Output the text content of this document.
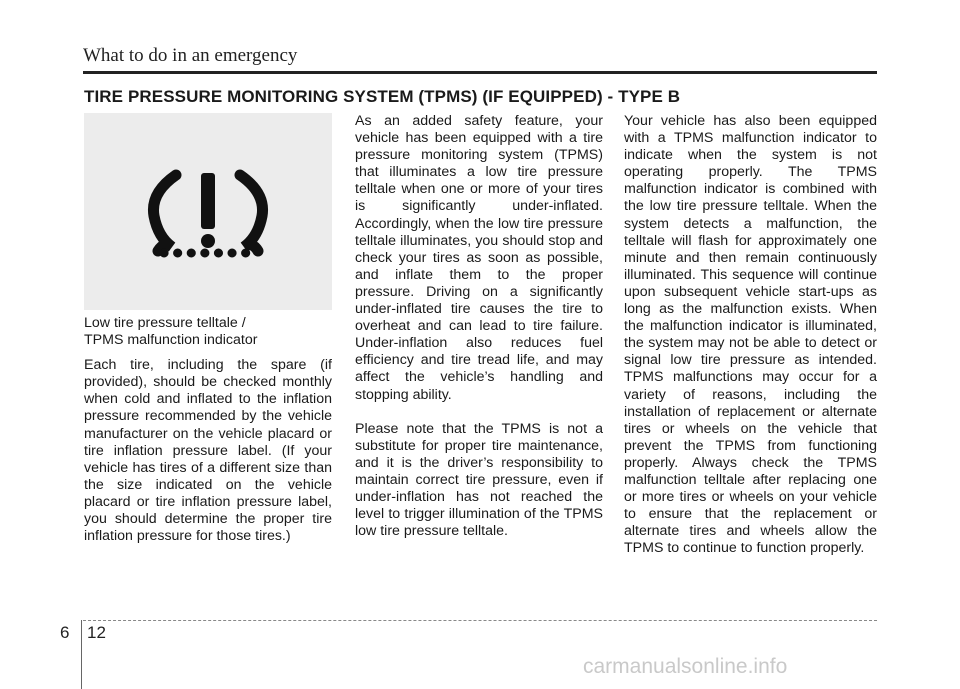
What to do in an emergency
TIRE PRESSURE MONITORING SYSTEM (TPMS) (IF EQUIPPED) - TYPE B

Low tire pressure telltale /
TPMS malfunction indicator

Each tire, including the spare (if provided), should be checked monthly when cold and inflated to the inflation pressure recommended by the vehicle manufacturer on the vehicle placard or tire inflation pressure label. (If your vehicle has tires of a different size than the size indicated on the vehicle placard or tire inflation pressure label, you should determine the proper tire inflation pressure for those tires.)

As an added safety feature, your vehicle has been equipped with a tire pressure monitoring system (TPMS) that illuminates a low tire pressure telltale when one or more of your tires is significantly under-inflated. Accordingly, when the low tire pressure telltale illuminates, you should stop and check your tires as soon as possible, and inflate them to the proper pressure. Driving on a significantly under-inflated tire causes the tire to overheat and can lead to tire failure. Under-inflation also reduces fuel efficiency and tire tread life, and may affect the vehicle’s handling and stopping ability.

Please note that the TPMS is not a substitute for proper tire maintenance, and it is the driver’s responsibility to maintain correct tire pressure, even if under-inflation has not reached the level to trigger illumination of the TPMS low tire pressure telltale.

Your vehicle has also been equipped with a TPMS malfunction indicator to indicate when the system is not operating properly. The TPMS malfunction indicator is combined with the low tire pressure telltale. When the system detects a malfunction, the telltale will flash for approximately one minute and then remain continuously illuminated. This sequence will continue upon subsequent vehicle start-ups as long as the malfunction exists. When the malfunction indicator is illuminated, the system may not be able to detect or signal low tire pressure as intended. TPMS malfunctions may occur for a variety of reasons, including the installation of replacement or alternate tires or wheels on the vehicle that prevent the TPMS from functioning properly. Always check the TPMS malfunction telltale after replacing one or more tires or wheels on your vehicle to ensure that the replacement or alternate tires and wheels allow the TPMS to continue to function properly.

6 12
carmanualsonline.info
